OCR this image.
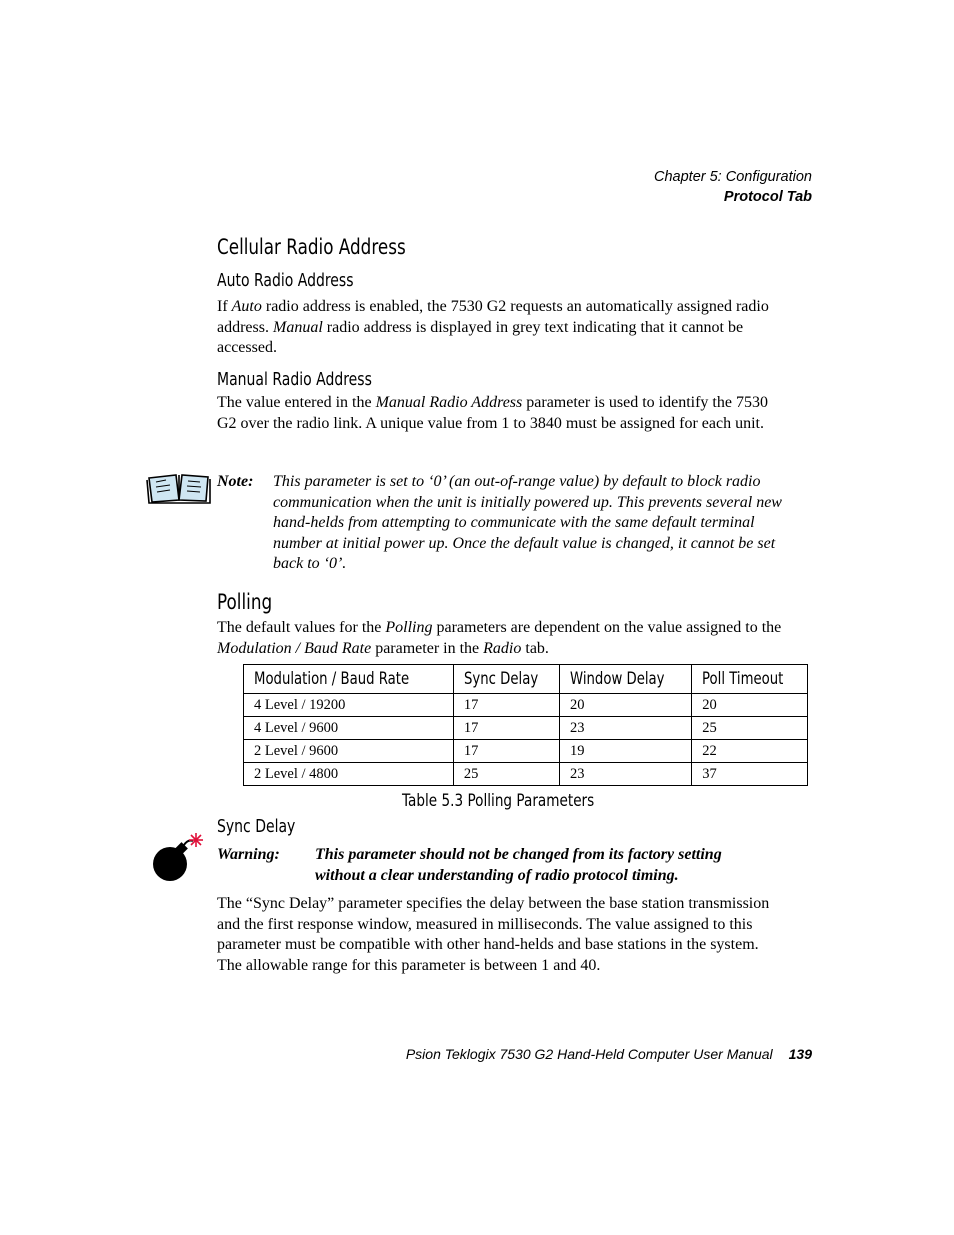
Chapter 5: Configuration
Protocol Tab
Cellular Radio Address
Auto Radio Address
If Auto radio address is enabled, the 7530 G2 requests an automatically assigned radio address. Manual radio address is displayed in grey text indicating that it cannot be accessed.
Manual Radio Address
The value entered in the Manual Radio Address parameter is used to identify the 7530 G2 over the radio link. A unique value from 1 to 3840 must be assigned for each unit.
Note: This parameter is set to ‘0’ (an out-of-range value) by default to block radio communication when the unit is initially powered up. This prevents several new hand-helds from attempting to communicate with the same default terminal number at initial power up. Once the default value is changed, it cannot be set back to ‘0’.
Polling
The default values for the Polling parameters are dependent on the value assigned to the Modulation / Baud Rate parameter in the Radio tab.
Modulation / Baud Rate	Sync Delay	Window Delay	Poll Timeout
4 Level / 19200	17	20	20
4 Level / 9600	17	23	25
2 Level / 9600	17	19	22
2 Level / 4800	25	23	37
Table 5.3 Polling Parameters
Sync Delay
Warning: This parameter should not be changed from its factory setting without a clear understanding of radio protocol timing.
The “Sync Delay” parameter specifies the delay between the base station transmission and the first response window, measured in milliseconds. The value assigned to this parameter must be compatible with other hand-helds and base stations in the system. The allowable range for this parameter is between 1 and 40.
Psion Teklogix 7530 G2 Hand-Held Computer User Manual 139
